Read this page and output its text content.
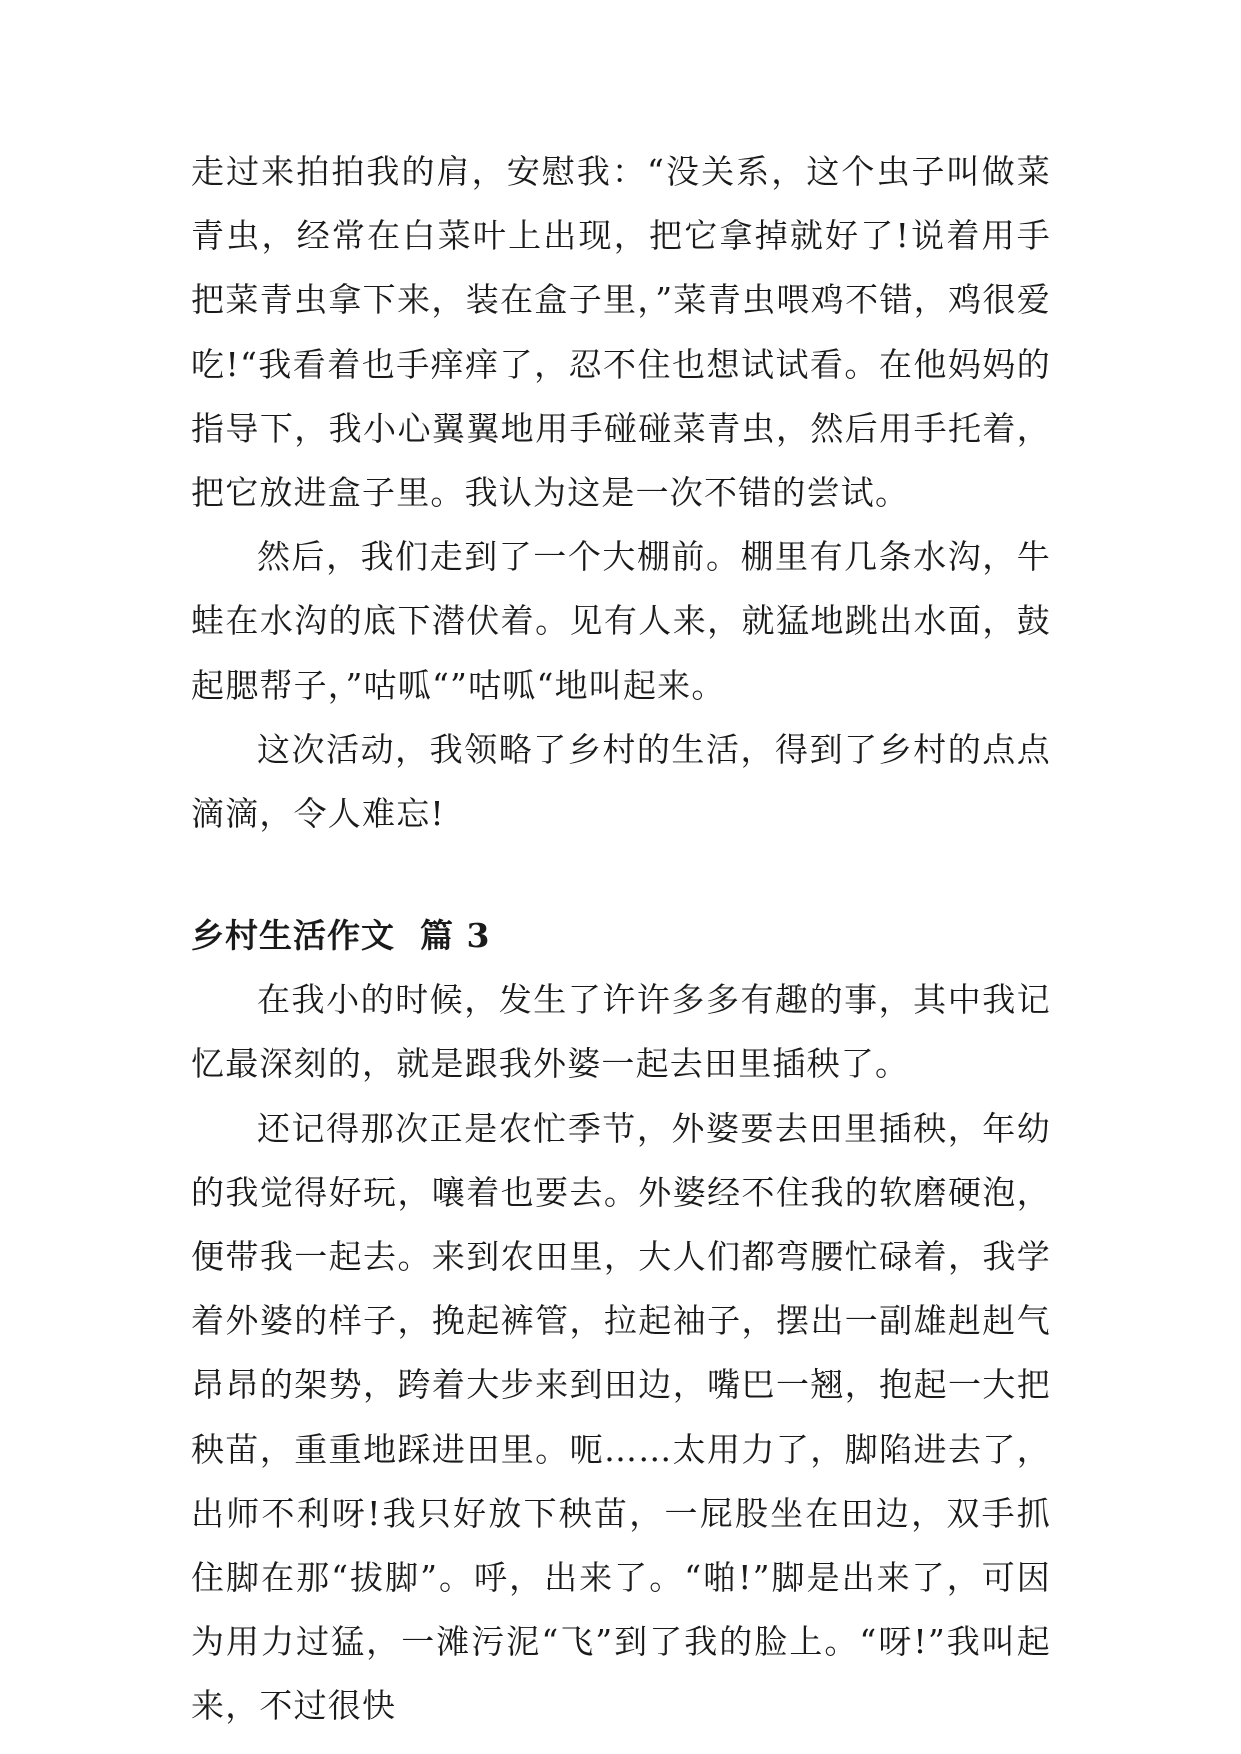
走过来拍拍我的肩，安慰我：“没关系，这个虫子叫做菜青虫，经常在白菜叶上出现，把它拿掉就好了!说着用手把菜青虫拿下来，装在盒子里，”菜青虫喂鸡不错，鸡很爱吃!“我看着也手痒痒了，忍不住也想试试看。在他妈妈的指导下，我小心翼翼地用手碰碰菜青虫，然后用手托着，把它放进盒子里。我认为这是一次不错的尝试。

然后，我们走到了一个大棚前。棚里有几条水沟，牛蛙在水沟的底下潜伏着。见有人来，就猛地跳出水面，鼓起腮帮子，”咕呱“”咕呱“地叫起来。

这次活动，我领略了乡村的生活，得到了乡村的点点滴滴，令人难忘!

乡村生活作文  篇 3

在我小的时候，发生了许许多多有趣的事，其中我记忆最深刻的，就是跟我外婆一起去田里插秧了。

还记得那次正是农忙季节，外婆要去田里插秧，年幼的我觉得好玩，嚷着也要去。外婆经不住我的软磨硬泡，便带我一起去。来到农田里，大人们都弯腰忙碌着，我学着外婆的样子，挽起裤管，拉起袖子，摆出一副雄赳赳气昂昂的架势，跨着大步来到田边，嘴巴一翘，抱起一大把秧苗，重重地踩进田里。呃……太用力了，脚陷进去了，出师不利呀!我只好放下秧苗，一屁股坐在田边，双手抓住脚在那“拔脚”。呼，出来了。“啪!”脚是出来了，可因为用力过猛，一滩污泥“飞”到了我的脸上。“呀!”我叫起来，不过很快
